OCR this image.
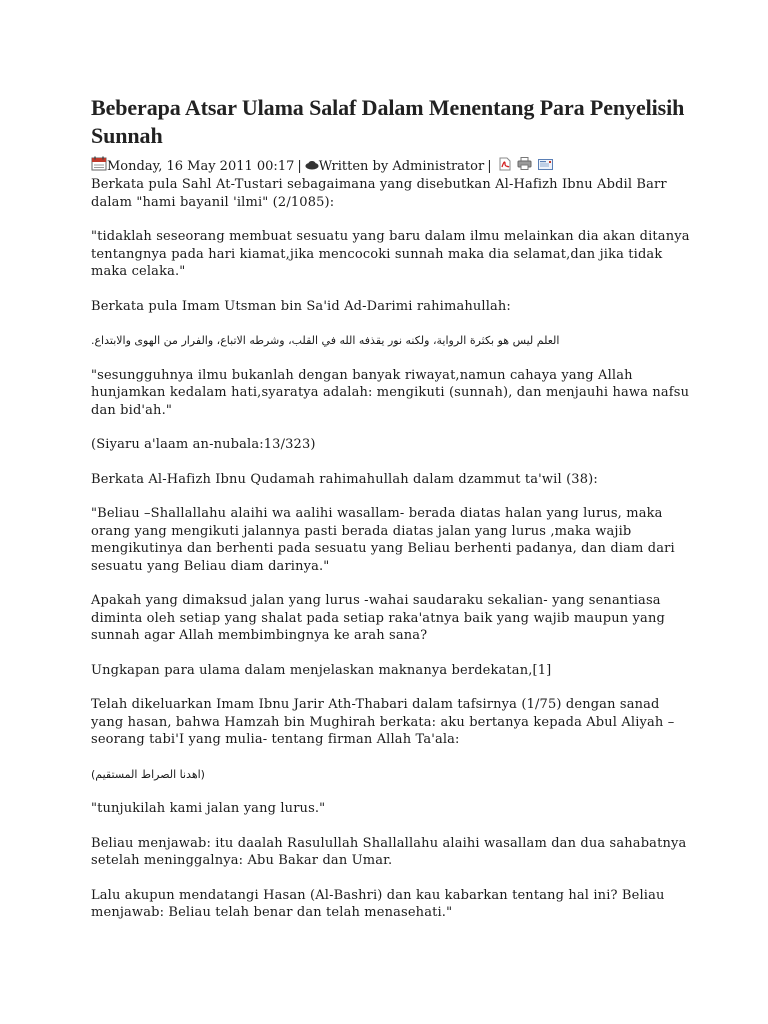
Beberapa Atsar Ulama Salaf Dalam Menentang Para Penyelisih Sunnah
Monday, 16 May 2011 00:17 | Written by Administrator |

Berkata pula Sahl At-Tustari sebagaimana yang disebutkan Al-Hafizh Ibnu Abdil Barr dalam "hami bayanil 'ilmi" (2/1085):

"tidaklah seseorang membuat sesuatu yang baru dalam ilmu melainkan dia akan ditanya tentangnya pada hari kiamat,jika mencocoki sunnah maka dia selamat,dan jika tidak maka celaka."

Berkata pula Imam Utsman bin Sa'id Ad-Darimi rahimahullah:

العلم ليس هو بكثرة الرواية، ولكنه نور يقذفه الله في القلب، وشرطه الاتباع، والفرار من الهوى والابتداع.

"sesungguhnya ilmu bukanlah dengan banyak riwayat,namun cahaya yang Allah hunjamkan kedalam hati,syaratya adalah: mengikuti (sunnah), dan menjauhi hawa nafsu dan bid'ah."

(Siyaru a'laam an-nubala:13/323)

Berkata Al-Hafizh Ibnu Qudamah rahimahullah dalam dzammut ta'wil (38):

"Beliau –Shallallahu alaihi wa aalihi wasallam- berada diatas halan yang lurus, maka orang yang mengikuti jalannya pasti berada diatas jalan yang lurus ,maka wajib mengikutinya dan berhenti pada sesuatu yang Beliau berhenti padanya, dan diam dari sesuatu yang Beliau diam darinya."

Apakah yang dimaksud jalan yang lurus -wahai saudaraku sekalian- yang senantiasa diminta oleh setiap yang shalat pada setiap raka'atnya baik yang wajib maupun yang sunnah agar Allah membimbingnya ke arah sana?

Ungkapan para ulama dalam menjelaskan maknanya berdekatan,[1]

Telah dikeluarkan Imam Ibnu Jarir Ath-Thabari dalam tafsirnya (1/75) dengan sanad yang hasan, bahwa Hamzah bin Mughirah berkata: aku bertanya kepada Abul Aliyah –seorang tabi'I yang mulia- tentang firman Allah Ta'ala:

(اهدنا الصراط المستقيم)

"tunjukilah kami jalan yang lurus."

Beliau menjawab: itu daalah Rasulullah Shallallahu alaihi wasallam dan dua sahabatnya setelah meninggalnya: Abu Bakar dan Umar.

Lalu akupun mendatangi Hasan (Al-Bashri) dan kau kabarkan tentang hal ini? Beliau menjawab: Beliau telah benar dan telah menasehati."
